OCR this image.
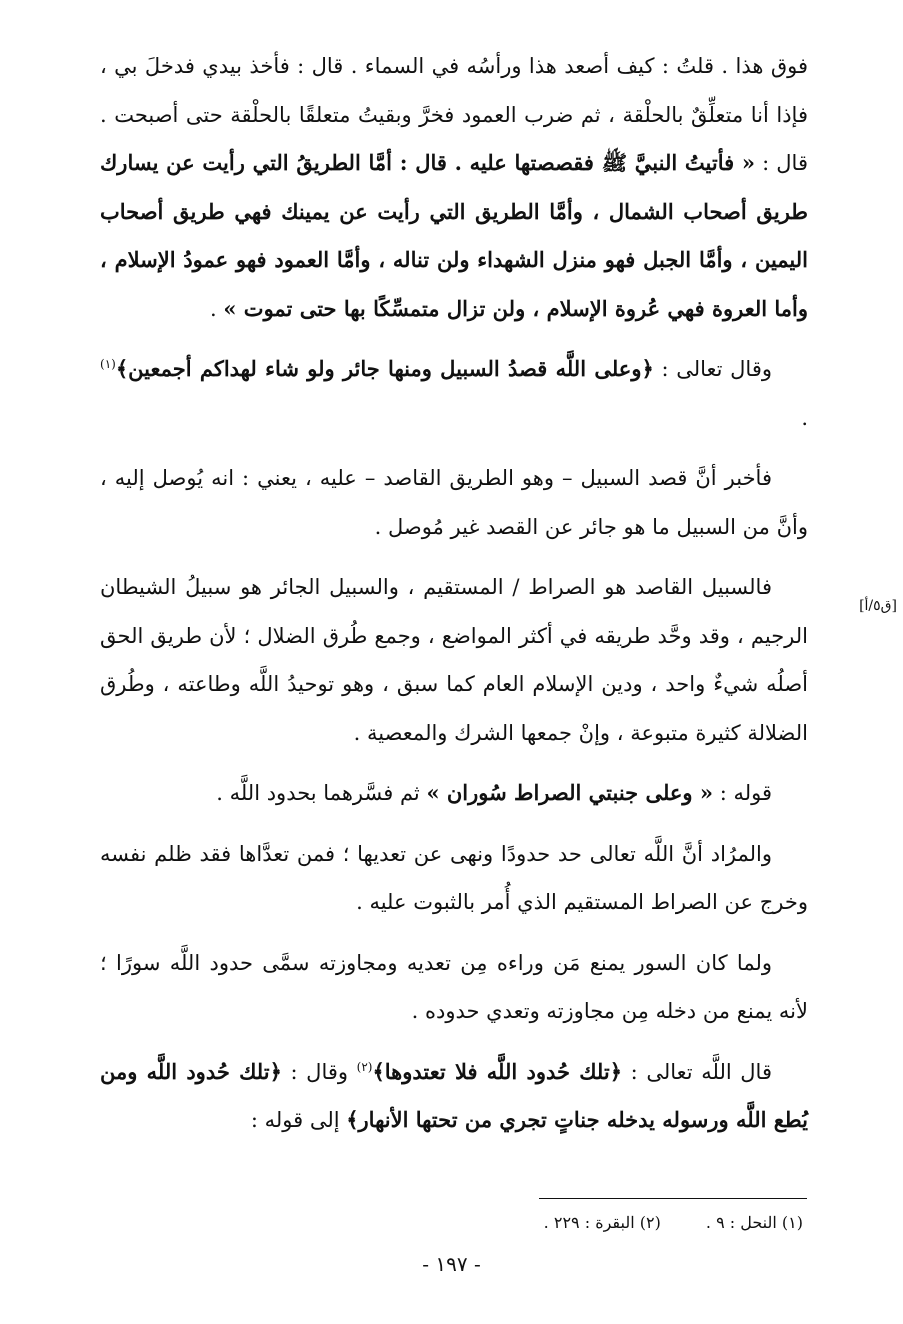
فوق هذا . قلتُ : كيف أصعد هذا ورأسُه في السماء . قال : فأخذ بيدي فدخلَ بي ، فإذا أنا متعلِّقٌ بالحلْقة ، ثم ضرب العمود فخرَّ وبقيتُ متعلقًا بالحلْقة حتى أصبحت . قال : « فأتيتُ النبيَّ ﷺ فقصصتها عليه . قال : أمَّا الطريقُ التي رأيت عن يسارك طريق أصحاب الشمال ، وأمَّا الطريق التي رأيت عن يمينك فهي طريق أصحاب اليمين ، وأمَّا الجبل فهو منزل الشهداء ولن تناله ، وأمَّا العمود فهو عمودُ الإسلام ، وأما العروة فهي عُروة الإسلام ، ولن تزال متمسِّكًا بها حتى تموت » .

وقال تعالى : ﴿وعلى اللَّه قصدُ السبيل ومنها جائر ولو شاء لهداكم أجمعين﴾$^{(١)}$ .

فأخبر أنَّ قصد السبيل – وهو الطريق القاصد – عليه ، يعني : انه يُوصل إليه ، وأنَّ من السبيل ما هو جائر عن القصد غير مُوصل .

فالسبيل القاصد هو الصراط / المستقيم ، والسبيل الجائر هو سبيلُ الشيطان الرجيم ، وقد وحَّد طريقه في أكثر المواضع ، وجمع طُرق الضلال ؛ لأن طريق الحق أصلُه شيءٌ واحد ، ودين الإسلام العام كما سبق ، وهو توحيدُ اللَّه وطاعته ، وطُرق الضلالة كثيرة متبوعة ، وإنْ جمعها الشرك والمعصية .

قوله : « وعلى جنبتي الصراط سُوران » ثم فسَّرهما بحدود اللَّه .

والمرُاد أنَّ اللَّه تعالى حد حدودًا ونهى عن تعديها ؛ فمن تعدَّاها فقد ظلم نفسه وخرج عن الصراط المستقيم الذي أُمر بالثبوت عليه .

ولما كان السور يمنع مَن وراءه مِن تعديه ومجاوزته سمَّى حدود اللَّه سورًا ؛ لأنه يمنع من دخله مِن مجاوزته وتعدي حدوده .

قال اللَّه تعالى : ﴿تلك حُدود اللَّه فلا تعتدوها﴾$^{(٢)}$ وقال : ﴿تلك حُدود اللَّه ومن يُطع اللَّه ورسوله يدخله جناتٍ تجري من تحتها الأنهار﴾ إلى قوله :

[ق٥/أ]
(١) النحل : ٩ . (٢) البقرة : ٢٢٩ .
- ١٩٧ -
